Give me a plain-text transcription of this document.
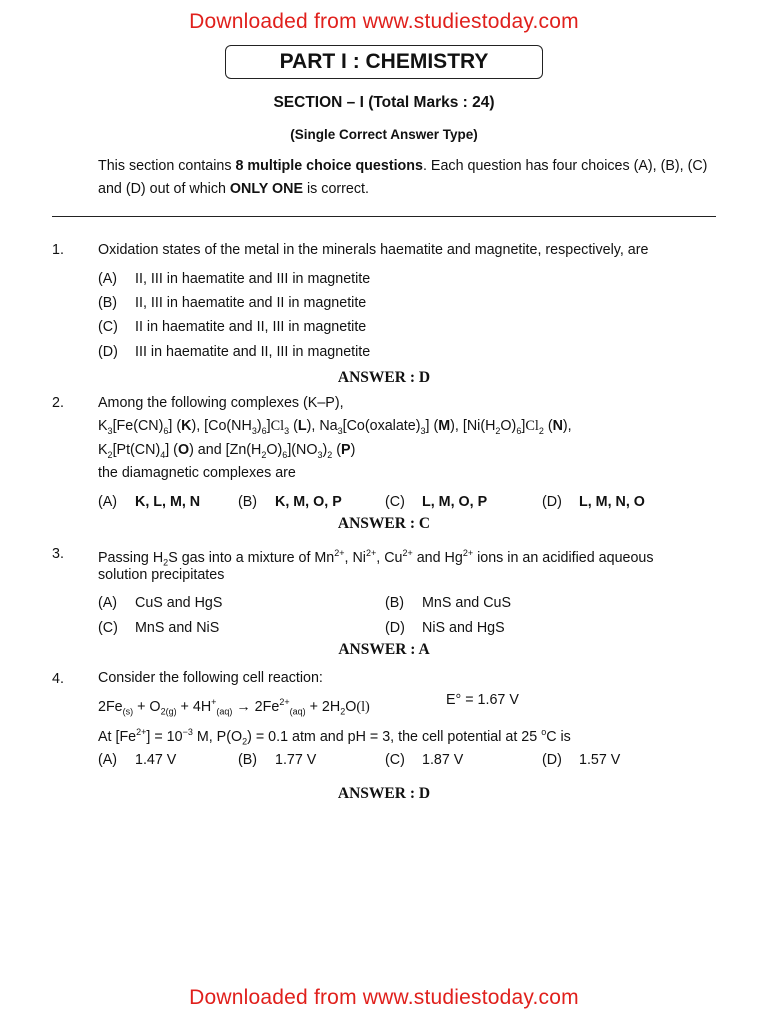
Downloaded from www.studiestoday.com
PART I : CHEMISTRY
SECTION – I (Total Marks : 24)
(Single Correct Answer Type)
This section contains 8 multiple choice questions. Each question has four choices (A), (B), (C) and (D) out of which ONLY ONE is correct.
1. Oxidation states of the metal in the minerals haematite and magnetite, respectively, are
(A) II, III in haematite and III in magnetite
(B) II, III in haematite and II in magnetite
(C) II in haematite and II, III in magnetite
(D) III in haematite and II, III in magnetite
ANSWER : D
2. Among the following complexes (K–P),
$K_3[Fe(CN)_6]$ (K), $[Co(NH_3)_6]Cl_3$ (L), $Na_3[Co(oxalate)_3]$ (M), $[Ni(H_2O)_6]Cl_2$ (N),
$K_2[Pt(CN)_4]$ (O) and $[Zn(H_2O)_6](NO_3)_2$ (P)
the diamagnetic complexes are
(A) K, L, M, N	(B) K, M, O, P	(C) L, M, O, P	(D) L, M, N, O
ANSWER : C
3. Passing $H_2S$ gas into a mixture of $Mn^{2+}$, $Ni^{2+}$, $Cu^{2+}$ and $Hg^{2+}$ ions in an acidified aqueous
solution precipitates
(A) CuS and HgS	(B) MnS and CuS
(C) MnS and NiS	(D) NiS and HgS
ANSWER : A
4. Consider the following cell reaction:
$2Fe_{(s)} + O_{2(g)} + 4H^+_{(aq)} \to 2Fe^{2+}_{(aq)} + 2H_2O(l)$	E° = 1.67 V
At $[Fe^{2+}] = 10^{-3}$ M, $P(O_2) = 0.1$ atm and pH = 3, the cell potential at 25 $^o$C is
(A) 1.47 V	(B) 1.77 V	(C) 1.87 V	(D) 1.57 V
ANSWER : D
Downloaded from www.studiestoday.com
